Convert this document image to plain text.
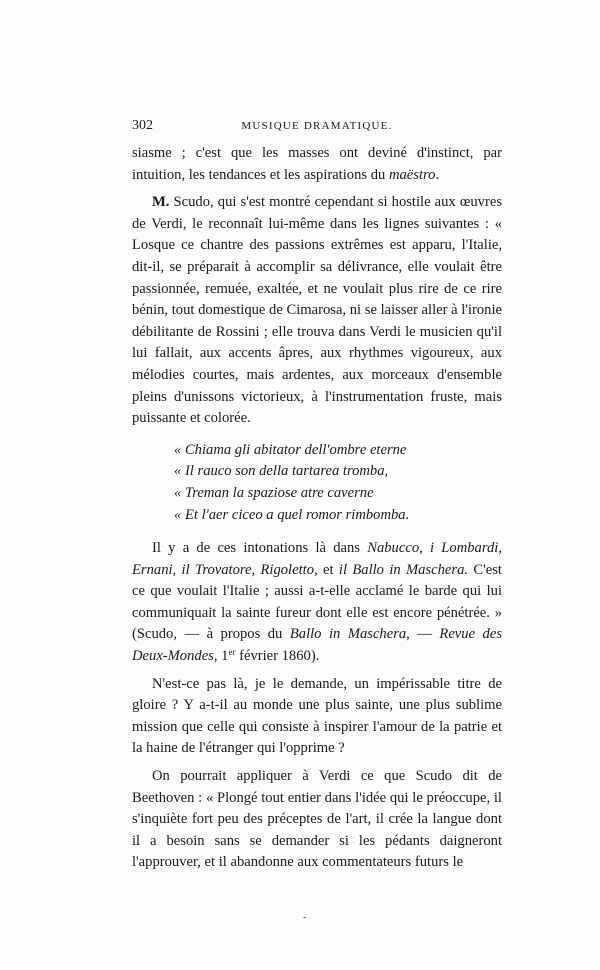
302	MUSIQUE DRAMATIQUE.

siasme ; c'est que les masses ont deviné d'instinct, par intuition, les tendances et les aspirations du maëstro.

M. Scudo, qui s'est montré cependant si hostile aux œuvres de Verdi, le reconnaît lui-même dans les lignes suivantes : « Losque ce chantre des passions extrêmes est apparu, l'Italie, dit-il, se préparait à accomplir sa délivrance, elle voulait être passionnée, remuée, exaltée, et ne voulait plus rire de ce rire bénin, tout domestique de Cimarosa, ni se laisser aller à l'ironie débilitante de Rossini ; elle trouva dans Verdi le musicien qu'il lui fallait, aux accents âpres, aux rhythmes vigoureux, aux mélodies courtes, mais ardentes, aux morceaux d'ensemble pleins d'unissons victorieux, à l'instrumentation fruste, mais puissante et colorée.

« Chiama gli abitator dell'ombre eterne
« Il rauco son della tartarea tromba,
« Treman la spaziose atre caverne
« Et l'aer ciceo a quel romor rimbomba.

Il y a de ces intonations là dans Nabucco, i Lombardi, Ernani, il Trovatore, Rigoletto, et il Ballo in Maschera. C'est ce que voulait l'Italie ; aussi a-t-elle acclamé le barde qui lui communiquait la sainte fureur dont elle est encore pénétrée. » (Scudo, — à propos du Ballo in Maschera, — Revue des Deux-Mondes, 1er février 1860).

N'est-ce pas là, je le demande, un impérissable titre de gloire ? Y a-t-il au monde une plus sainte, une plus sublime mission que celle qui consiste à inspirer l'amour de la patrie et la haine de l'étranger qui l'opprime ?

On pourrait appliquer à Verdi ce que Scudo dit de Beethoven : « Plongé tout entier dans l'idée qui le préoccupe, il s'inquiète fort peu des préceptes de l'art, il crée la langue dont il a besoin sans se demander si les pédants daigneront l'approuver, et il abandonne aux commentateurs futurs le

-
